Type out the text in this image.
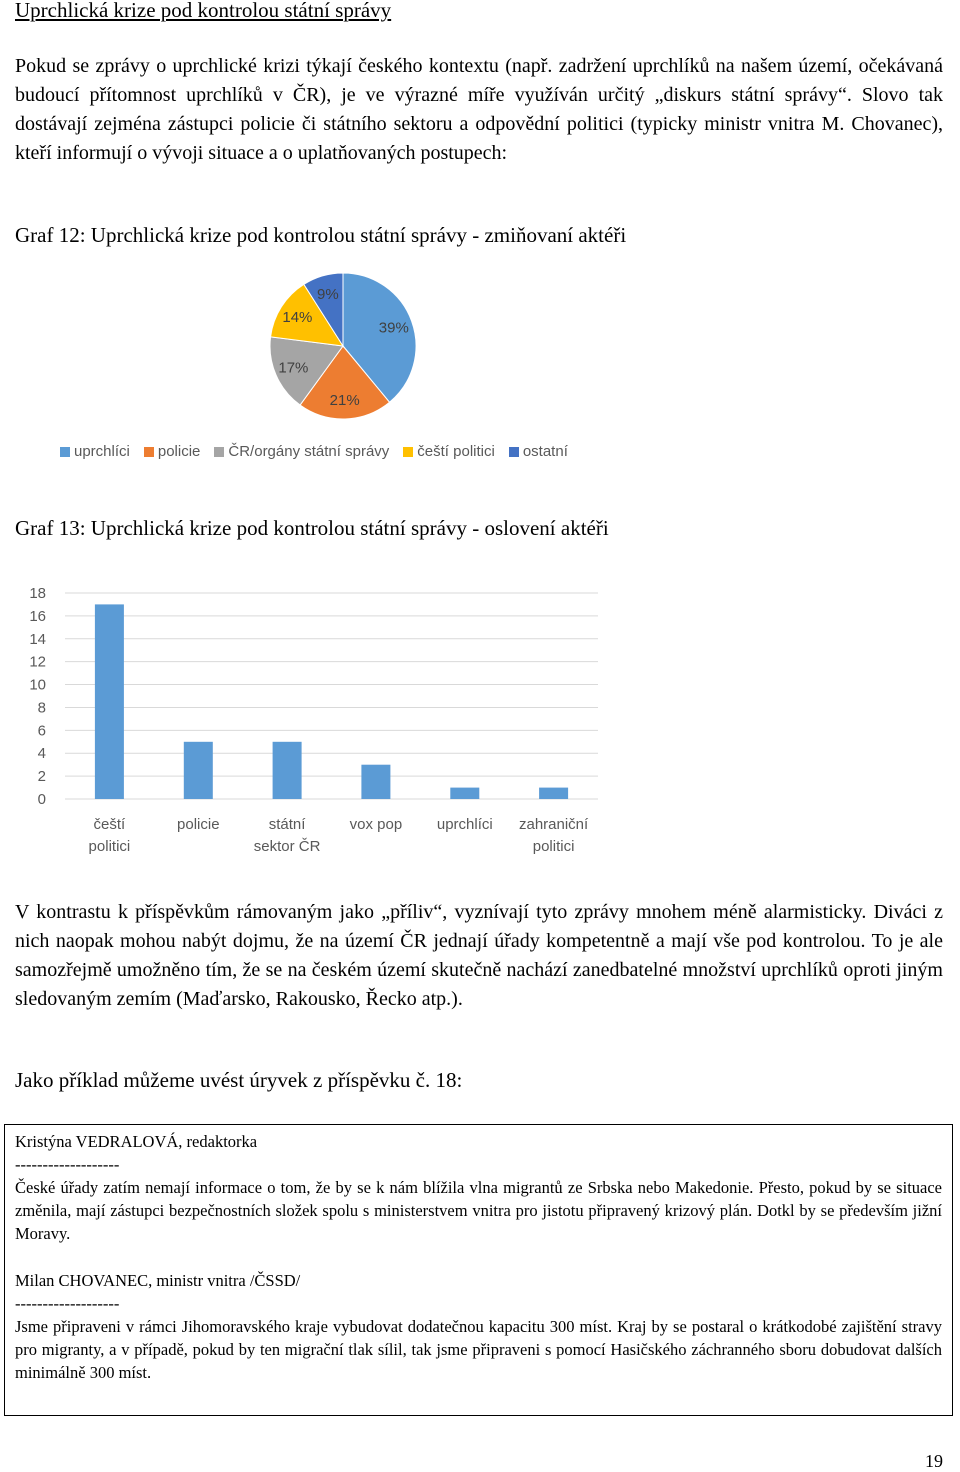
Uprchlická krize pod kontrolou státní správy

Pokud se zprávy o uprchlické krizi týkají českého kontextu (např. zadržení uprchlíků na našem území, očekávaná budoucí přítomnost uprchlíků v ČR), je ve výrazné míře využíván určitý „diskurs státní správy“. Slovo tak dostávají zejména zástupci policie či státního sektoru a odpovědní politici (typicky ministr vnitra M. Chovanec), kteří informují o vývoji situace a o uplatňovaných postupech:

Graf 12: Uprchlická krize pod kontrolou státní správy - zmiňovaní aktéři
39%
21%
17%
14%
9%
uprchlíci policie ČR/orgány státní správy čeští politici ostatní
Graf 13: Uprchlická krize pod kontrolou státní správy - oslovení aktéři
0
2
4
6
8
10
12
14
16
18
čeští
politici
policie	státní
sektor ČR
vox pop uprchlíci zahraniční
politici

V kontrastu k příspěvkům rámovaným jako „příliv“, vyznívají tyto zprávy mnohem méně alarmisticky. Diváci z nich naopak mohou nabýt dojmu, že na území ČR jednají úřady kompetentně a mají vše pod kontrolou. To je ale samozřejmě umožněno tím, že se na českém území skutečně nachází zanedbatelné množství uprchlíků oproti jiným sledovaným zemím (Maďarsko, Rakousko, Řecko atp.).

Jako příklad můžeme uvést úryvek z příspěvku č. 18:
Kristýna VEDRALOVÁ, redaktorka
-------------------
České úřady zatím nemají informace o tom, že by se k nám blížila vlna migrantů ze Srbska nebo Makedonie. Přesto, pokud by se situace změnila, mají zástupci bezpečnostních složek spolu s ministerstvem vnitra pro jistotu připravený krizový plán. Dotkl by se především jižní Moravy.
Milan CHOVANEC, ministr vnitra /ČSSD/
-------------------
Jsme připraveni v rámci Jihomoravského kraje vybudovat dodatečnou kapacitu 300 míst. Kraj by se postaral o krátkodobé zajištění stravy pro migranty, a v případě, pokud by ten migrační tlak sílil, tak jsme připraveni s pomocí Hasičského záchranného sboru dobudovat dalších minimálně 300 míst.
19
